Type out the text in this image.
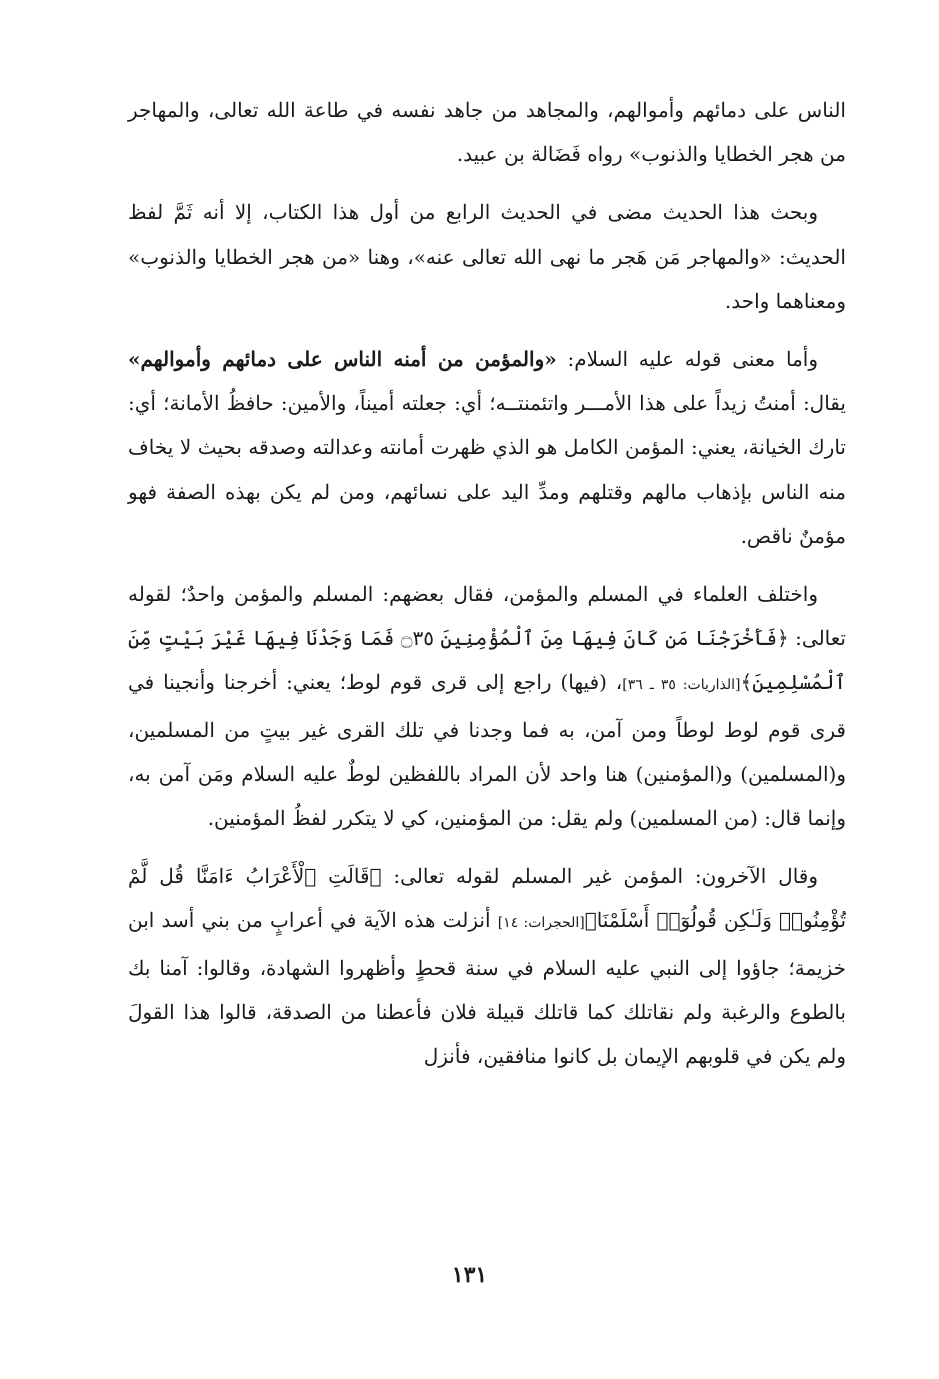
الناس على دمائهم وأموالهم، والمجاهد من جاهد نفسه في طاعة الله تعالى، والمهاجر من هجر الخطايا والذنوب» رواه فَضَالة بن عبيد.

وبحث هذا الحديث مضى في الحديث الرابع من أول هذا الكتاب، إلا أنه ثَمَّ لفظ الحديث: «والمهاجر مَن هَجر ما نهى الله تعالى عنه»، وهنا «من هجر الخطايا والذنوب» ومعناهما واحد.

وأما معنى قوله عليه السلام: «والمؤمن من أمنه الناس على دمائهم وأموالهم» يقال: أمنتُ زيداً على هذا الأمـــر واتئمنتــه؛ أي: جعلته أميناً، والأمين: حافظُ الأمانة؛ أي: تارك الخيانة، يعني: المؤمن الكامل هو الذي ظهرت أمانته وعدالته وصدقه بحيث لا يخاف منه الناس بإذهاب مالهم وقتلهم ومدِّ اليد على نسائهم، ومن لم يكن بهذه الصفة فهو مؤمنٌ ناقص.

واختلف العلماء في المسلم والمؤمن، فقال بعضهم: المسلم والمؤمن واحدٌ؛ لقوله تعالى: ﴿فَأَخْرَجْنَا مَن كَانَ فِيهَا مِنَ ٱلْمُؤْمِنِينَ ۝٣٥ فَمَا وَجَدْنَا فِيهَا غَيْرَ بَيْتٍ مِّنَ ٱلْمُسْلِمِينَ﴾[الذاريات: ٣٥ ـ ٣٦]، (فيها) راجع إلى قرى قوم لوط؛ يعني: أخرجنا وأنجينا في قرى قوم لوط لوطاً ومن آمن، به فما وجدنا في تلك القرى غير بيتٍ من المسلمين، و(المسلمين) و(المؤمنين) هنا واحد لأن المراد باللفظين لوطٌ عليه السلام ومَن آمن به، وإنما قال: (من المسلمين) ولم يقل: من المؤمنين، كي لا يتكرر لفظُ المؤمنين.

وقال الآخرون: المؤمن غير المسلم لقوله تعالى: ﴿قَالَتِ ٱلْأَعْرَابُ ءَامَنَّا قُل لَّمْ تُؤْمِنُوا۟ وَلَـٰكِن قُولُوٓا۟ أَسْلَمْنَا﴾[الحجرات: ١٤] أنزلت هذه الآية في أعرابٍ من بني أسد ابن خزيمة؛ جاؤوا إلى النبي عليه السلام في سنة قحطٍ وأظهروا الشهادة، وقالوا: آمنا بك بالطوع والرغبة ولم نقاتلك كما قاتلك قبيلة فلان فأعطنا من الصدقة، قالوا هذا القولَ ولم يكن في قلوبهم الإيمان بل كانوا منافقين، فأنزل

١٣١
